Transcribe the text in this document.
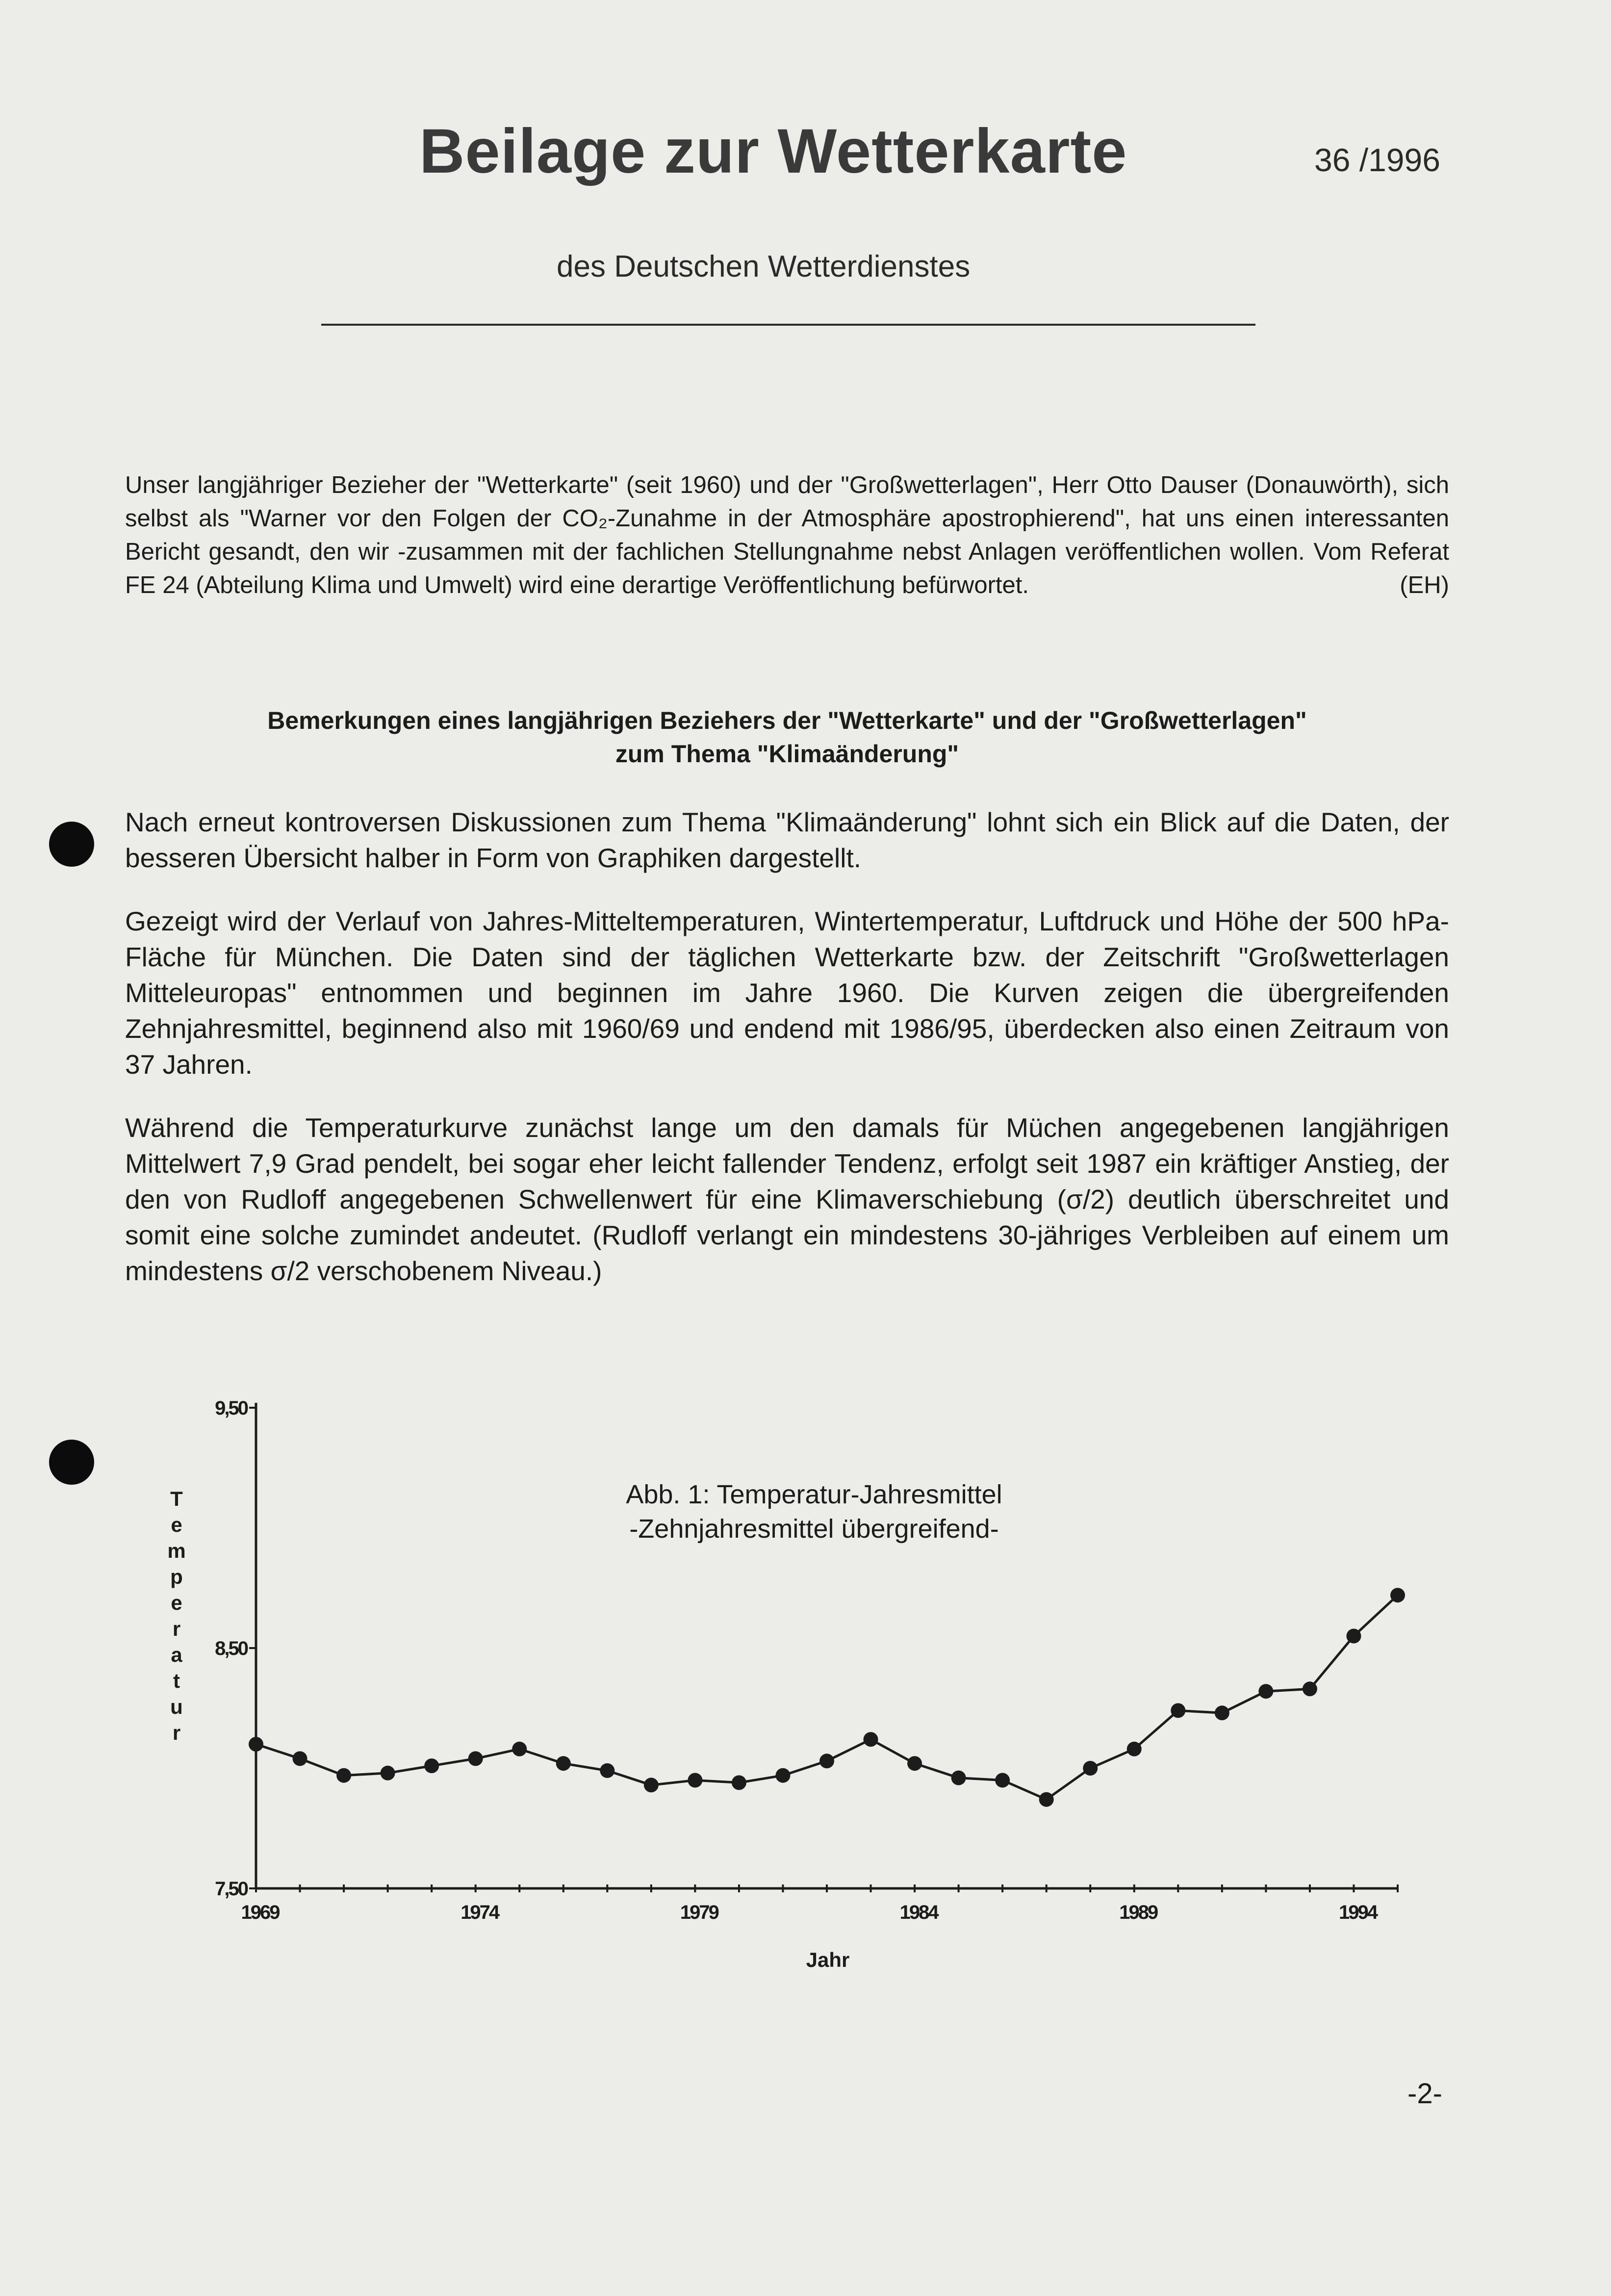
Beilage zur Wetterkarte	36 /1996
des Deutschen Wetterdienstes

Unser langjähriger Bezieher der "Wetterkarte" (seit 1960) und der "Großwetterlagen", Herr Otto Dauser (Donauwörth), sich selbst als "Warner vor den Folgen der CO₂-Zunahme in der Atmosphäre apostrophierend", hat uns einen interessanten Bericht gesandt, den wir -zusammen mit der fachlichen Stellungnahme nebst Anlagen veröffentlichen wollen. Vom Referat FE 24 (Abteilung Klima und Umwelt) wird eine derartige Veröffentlichung befürwortet.	(EH)

Bemerkungen eines langjährigen Beziehers der "Wetterkarte" und der "Großwetterlagen"
zum Thema "Klimaänderung"

Nach erneut kontroversen Diskussionen zum Thema "Klimaänderung" lohnt sich ein Blick auf die Daten, der besseren Übersicht halber in Form von Graphiken dargestellt.

Gezeigt wird der Verlauf von Jahres-Mitteltemperaturen, Wintertemperatur, Luftdruck und Höhe der 500 hPa-Fläche für München. Die Daten sind der täglichen Wetterkarte bzw. der Zeitschrift "Großwetterlagen Mitteleuropas" entnommen und beginnen im Jahre 1960. Die Kurven zeigen die übergreifenden Zehnjahresmittel, beginnend also mit 1960/69 und endend mit 1986/95, überdecken also einen Zeitraum von 37 Jahren.

Während die Temperaturkurve zunächst lange um den damals für Müchen angegebenen langjährigen Mittelwert 7,9 Grad pendelt, bei sogar eher leicht fallender Tendenz, erfolgt seit 1987 ein kräftiger Anstieg, der den von Rudloff angegebenen Schwellenwert für eine Klimaverschiebung (σ/2) deutlich überschreitet und somit eine solche zumindet andeutet. (Rudloff verlangt ein mindestens 30-jähriges Verbleiben auf einem um mindestens σ/2 verschobenem Niveau.)

Abb. 1: Temperatur-Jahresmittel
-Zehnjahresmittel übergreifend-
Jahr
T
e
m
p
e
r
a
t
u
r
9,50
8,50
7,50
1969	1974	1979	1984	1989	1994
-2-
